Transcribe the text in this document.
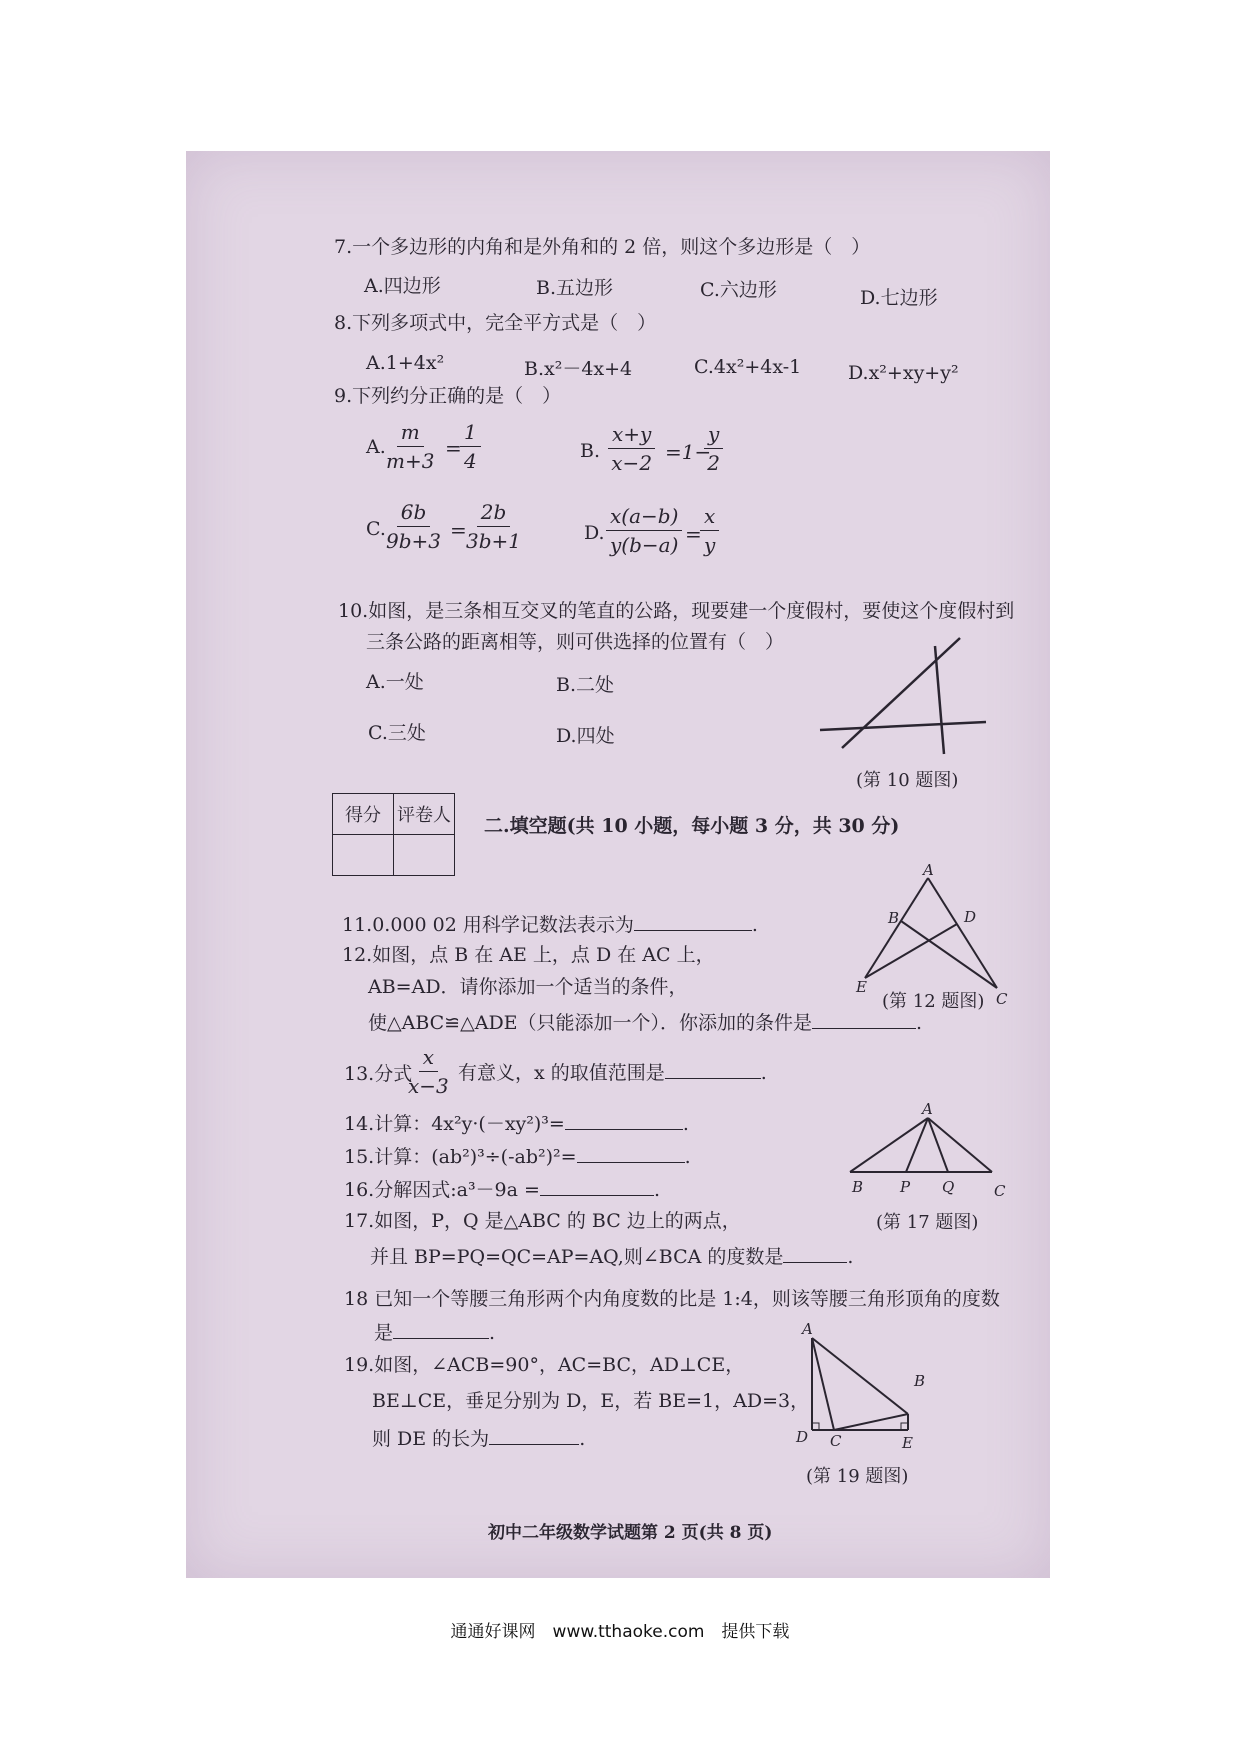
7.一个多边形的内角和是外角和的 2 倍，则这个多边形是（　）
A.四边形	B.五边形	C.六边形	D.七边形
8.下列多项式中，完全平方式是（　）
A.1+4x²	B.x²－4x+4	C.4x²+4x-1 D.x²+xy+y²
9.下列约分正确的是（　）
A. $\frac{m}{m+3}$ =
$\frac{1}{4}$	B. $\frac{x+y}{x-2} =1-$
$\frac{y}{2}$
C. $\frac{6b}{9b+3} = \frac{2b}{3b+1}$	D. $\frac{x(a-b)}{y(b-a)}$ =
$\frac{x}{y}$
10.如图，是三条相互交叉的笔直的公路，现要建一个度假村，要使这个度假村到
三条公路的距离相等，则可供选择的位置有（　）
A.一处	B.二处
C.三处	D.四处
(第 10 题图)
得分	评卷人
	二.填空题(共 10 小题，每小题 3 分，共 30 分)
A
B	D
E
C
(第 12 题图)
11.0.000 02 用科学记数法表示为	.
12.如图，点 B 在 AE 上，点 D 在 AC 上，
AB=AD．请你添加一个适当的条件，
使△ABC≌△ADE（只能添加一个）．你添加的条件是	.
13.分式
$\frac{x}{x-3}$ 有意义，x 的取值范围是	.
A
B P Q	C
(第 17 题图)
14.计算：4x²y·(－xy²)³=	.
15.计算：(ab²)³÷(-ab²)²=	.
16.分解因式:a³－9a =	.
17.如图，P，Q 是△ABC 的 BC 边上的两点，
并且 BP=PQ=QC=AP=AQ,则∠BCA 的度数是	.
18 已知一个等腰三角形两个内角度数的比是 1:4，则该等腰三角形顶角的度数
是	.
19.如图，∠ACB=90°，AC=BC，AD⊥CE，
BE⊥CE，垂足分别为 D，E，若 BE=1，AD=3，
则 DE 的长为	.
A
B
C
D	E
(第 19 题图)
初中二年级数学试题第 2 页(共 8 页)
通通好课网　www.tthaoke.com　提供下载
